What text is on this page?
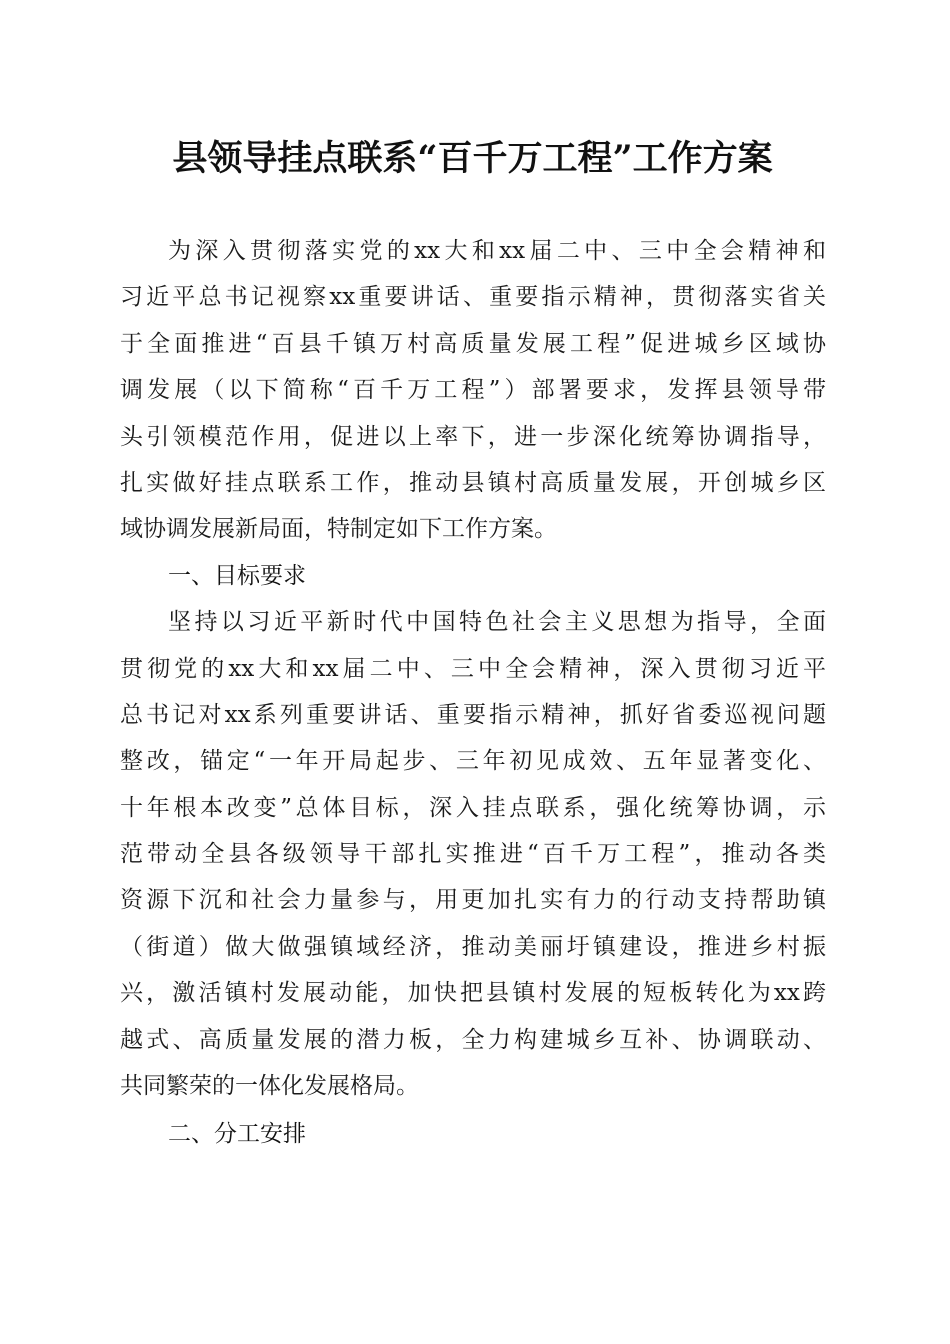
县领导挂点联系“百千万工程”工作方案
为深入贯彻落实党的xx大和xx届二中、三中全会精神和
习近平总书记视察xx重要讲话、重要指示精神，贯彻落实省关
于全面推进“百县千镇万村高质量发展工程”促进城乡区域协
调发展（以下简称“百千万工程”）部署要求，发挥县领导带
头引领模范作用，促进以上率下，进一步深化统筹协调指导，
扎实做好挂点联系工作，推动县镇村高质量发展，开创城乡区
域协调发展新局面，特制定如下工作方案。
一、目标要求
坚持以习近平新时代中国特色社会主义思想为指导，全面
贯彻党的xx大和xx届二中、三中全会精神，深入贯彻习近平
总书记对xx系列重要讲话、重要指示精神，抓好省委巡视问题
整改，锚定“一年开局起步、三年初见成效、五年显著变化、
十年根本改变”总体目标，深入挂点联系，强化统筹协调，示
范带动全县各级领导干部扎实推进“百千万工程”，推动各类
资源下沉和社会力量参与，用更加扎实有力的行动支持帮助镇
（街道）做大做强镇域经济，推动美丽圩镇建设，推进乡村振
兴，激活镇村发展动能，加快把县镇村发展的短板转化为xx跨
越式、高质量发展的潜力板，全力构建城乡互补、协调联动、
共同繁荣的一体化发展格局。
二、分工安排
